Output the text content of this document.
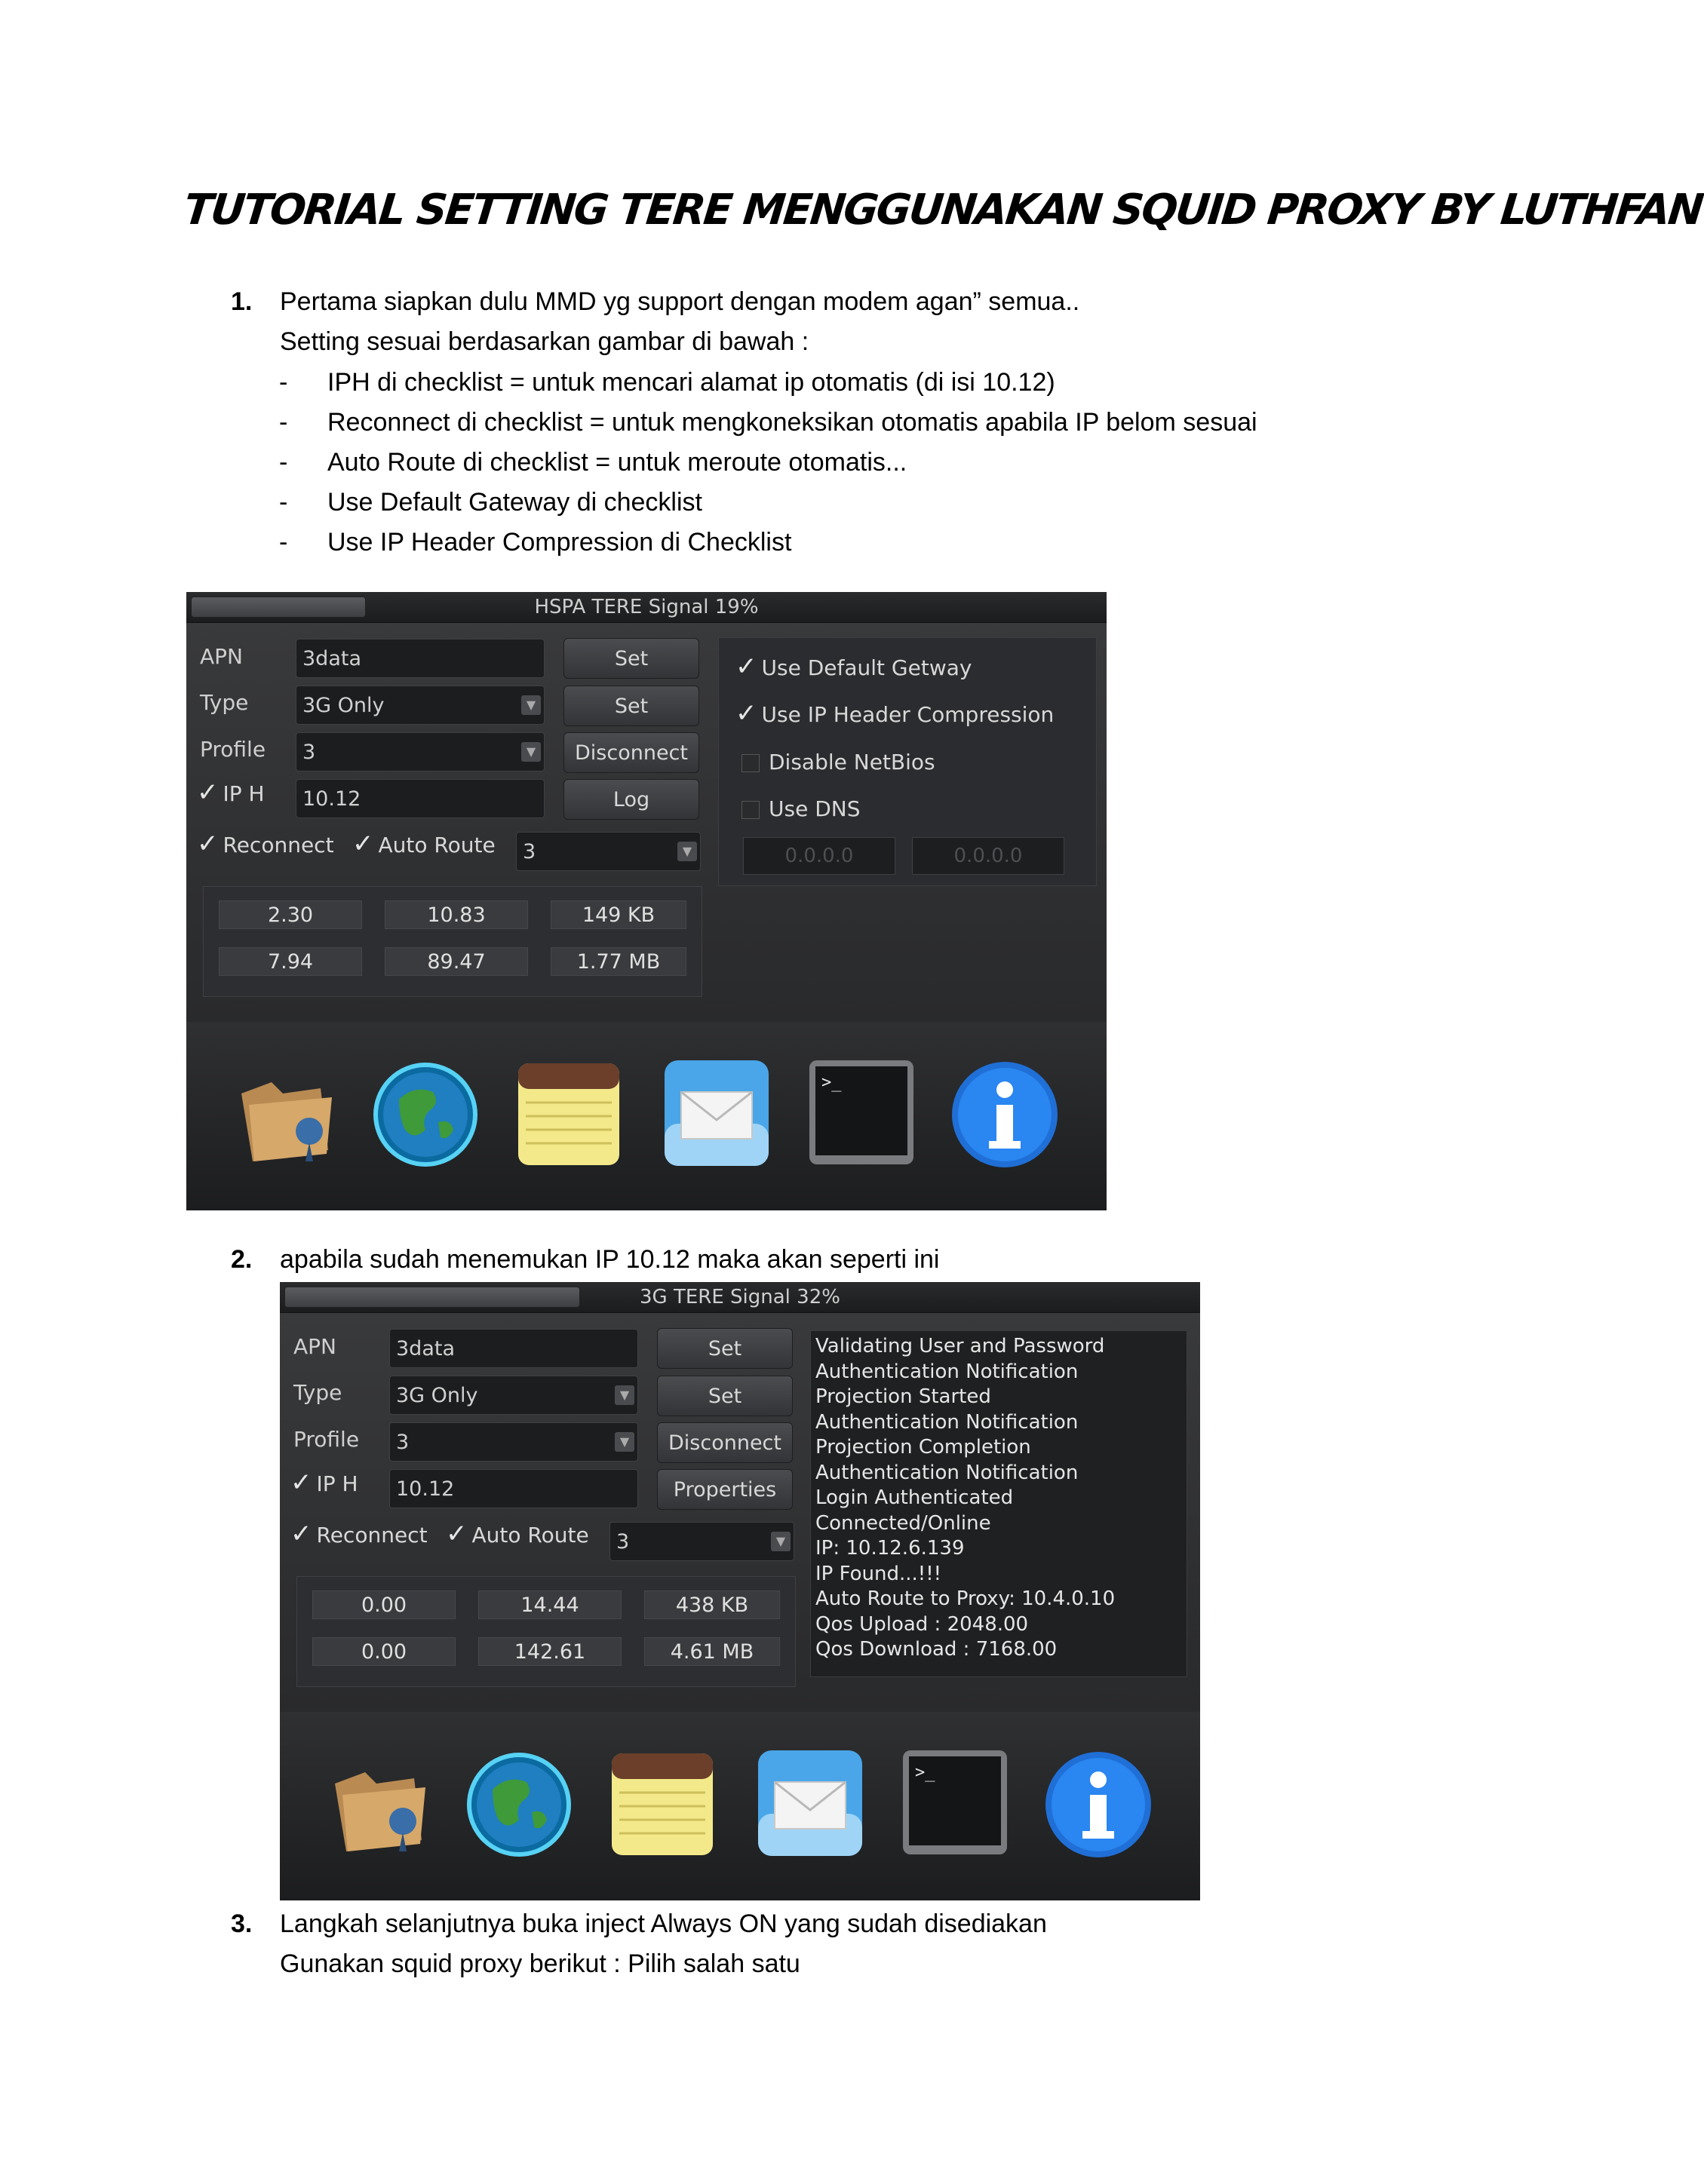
TUTORIAL SETTING TERE MENGGUNAKAN SQUID PROXY BY LUTHFAN
1. Pertama siapkan dulu MMD yg support dengan modem agan” semua..
Setting sesuai berdasarkan gambar di bawah :
- IPH di checklist = untuk mencari alamat ip otomatis (di isi 10.12)
- Reconnect di checklist = untuk mengkoneksikan otomatis apabila IP belom sesuai
- Auto Route di checklist = untuk meroute otomatis...
- Use Default Gateway di checklist
- Use IP Header Compression di Checklist
HSPA TERE Signal 19%
APN	3data	Set
Type	3G Only	▼	Set
Profile	3	▼	Disconnect
✓ IP H	10.12	Log
✓ Reconnect ✓ Auto Route	3	▼
2.30	10.83	149 KB
7.94	89.47	1.77 MB
✓ Use Default Getway
✓ Use IP Header Compression
Disable NetBios
Use DNS
0.0.0.0	0.0.0.0
>_
2. apabila sudah menemukan IP 10.12 maka akan seperti ini
3G TERE Signal 32%
APN	3data	Set
Type	3G Only	▼	Set
Profile	3	▼	Disconnect
✓ IP H	10.12	Properties
✓ Reconnect ✓ Auto Route	3	▼
0.00	14.44	438 KB
0.00	142.61	4.61 MB
Validating User and Password
Authentication Notification
Projection Started
Authentication Notification
Projection Completion
Authentication Notification
Login Authenticated
Connected/Online
IP: 10.12.6.139
IP Found...!!!
Auto Route to Proxy: 10.4.0.10
Qos Upload : 2048.00
Qos Download : 7168.00
>_
3. Langkah selanjutnya buka inject Always ON yang sudah disediakan
Gunakan squid proxy berikut : Pilih salah satu
